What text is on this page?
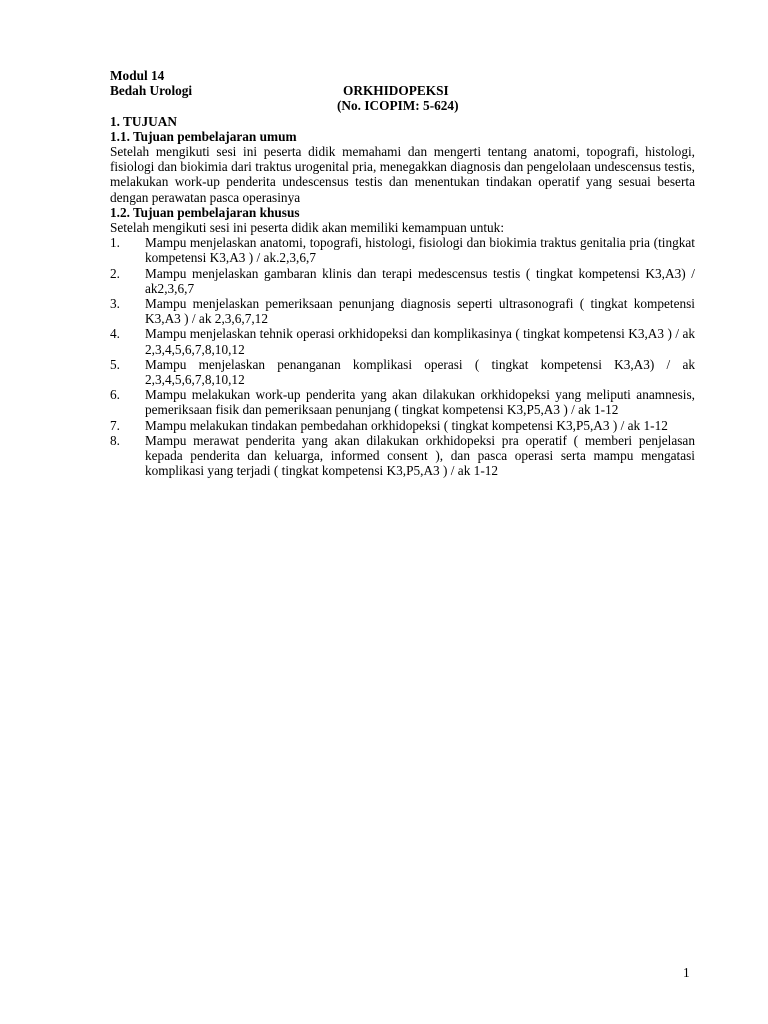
Modul 14
Bedah Urologi	ORKHIDOPEKSI
(No. ICOPIM: 5-624)
1. TUJUAN
1.1. Tujuan pembelajaran umum
Setelah mengikuti sesi ini peserta didik memahami dan mengerti tentang anatomi, topografi, histologi, fisiologi dan biokimia dari traktus urogenital pria, menegakkan diagnosis dan pengelolaan undescensus testis, melakukan work-up penderita undescensus testis dan menentukan tindakan operatif yang sesuai beserta dengan perawatan pasca operasinya
1.2. Tujuan pembelajaran khusus
Setelah mengikuti sesi ini peserta didik akan memiliki kemampuan untuk:
1. Mampu menjelaskan anatomi, topografi, histologi, fisiologi dan biokimia traktus genitalia pria (tingkat kompetensi K3,A3 ) / ak.2,3,6,7
2. Mampu menjelaskan gambaran klinis dan terapi medescensus testis ( tingkat kompetensi K3,A3) / ak2,3,6,7
3. Mampu menjelaskan pemeriksaan penunjang diagnosis seperti ultrasonografi ( tingkat kompetensi K3,A3 ) / ak 2,3,6,7,12
4. Mampu menjelaskan tehnik operasi orkhidopeksi dan komplikasinya ( tingkat kompetensi K3,A3 ) / ak 2,3,4,5,6,7,8,10,12
5. Mampu menjelaskan penanganan komplikasi operasi ( tingkat kompetensi K3,A3) / ak 2,3,4,5,6,7,8,10,12
6. Mampu melakukan work-up penderita yang akan dilakukan orkhidopeksi yang meliputi anamnesis, pemeriksaan fisik dan pemeriksaan penunjang ( tingkat kompetensi K3,P5,A3 ) / ak 1-12
7. Mampu melakukan tindakan pembedahan orkhidopeksi ( tingkat kompetensi K3,P5,A3 ) / ak 1-12
8. Mampu merawat penderita yang akan dilakukan orkhidopeksi pra operatif ( memberi penjelasan kepada penderita dan keluarga, informed consent ), dan pasca operasi serta mampu mengatasi komplikasi yang terjadi ( tingkat kompetensi K3,P5,A3 ) / ak 1-12
1
